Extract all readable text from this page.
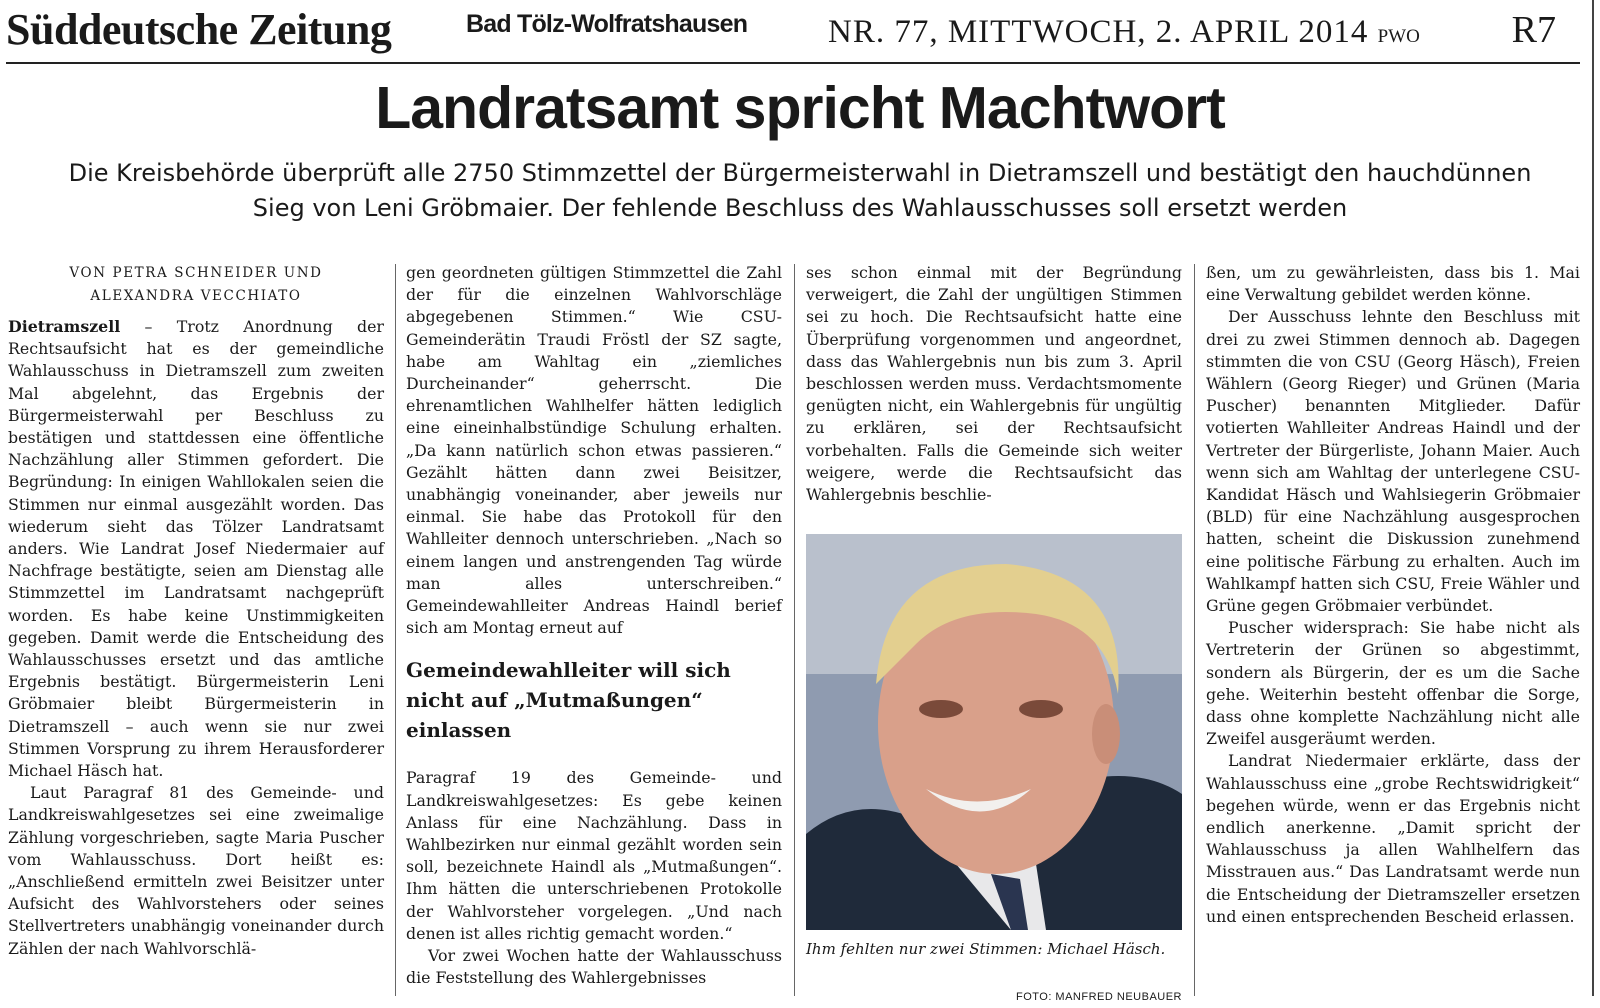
Süddeutsche Zeitung	Bad Tölz-Wolfratshausen NR. 77, MITTWOCH, 2. APRIL 2014 PWO R7
Landratsamt spricht Machtwort
Die Kreisbehörde überprüft alle 2750 Stimmzettel der Bürgermeisterwahl in Dietramszell und bestätigt den hauchdünnen Sieg von Leni Gröbmaier. Der fehlende Beschluss des Wahlausschusses soll ersetzt werden
VON PETRA SCHNEIDER UND
ALEXANDRA VECCHIATO

Dietramszell – Trotz Anordnung der Rechtsaufsicht hat es der gemeindliche Wahlausschuss in Dietramszell zum zweiten Mal abgelehnt, das Ergebnis der Bürgermeisterwahl per Beschluss zu bestätigen und stattdessen eine öffentliche Nachzählung aller Stimmen gefordert. Die Begründung: In einigen Wahllokalen seien die Stimmen nur einmal ausgezählt worden. Das wiederum sieht das Tölzer Landratsamt anders. Wie Landrat Josef Niedermaier auf Nachfrage bestätigte, seien am Dienstag alle Stimmzettel im Landratsamt nachgeprüft worden. Es habe keine Unstimmigkeiten gegeben. Damit werde die Entscheidung des Wahlausschusses ersetzt und das amtliche Ergebnis bestätigt. Bürgermeisterin Leni Gröbmaier bleibt Bürgermeisterin in Dietramszell – auch wenn sie nur zwei Stimmen Vorsprung zu ihrem Herausforderer Michael Häsch hat.

Laut Paragraf 81 des Gemeinde- und Landkreiswahlgesetzes sei eine zweimalige Zählung vorgeschrieben, sagte Maria Puscher vom Wahlausschuss. Dort heißt es: „Anschließend ermitteln zwei Beisitzer unter Aufsicht des Wahlvorstehers oder seines Stellvertreters unabhängig voneinander durch Zählen der nach Wahlvorschlä-

gen geordneten gültigen Stimmzettel die Zahl der für die einzelnen Wahlvorschläge abgegebenen Stimmen.“ Wie CSU-Gemeinderätin Traudi Fröstl der SZ sagte, habe am Wahltag ein „ziemliches Durcheinander“ geherrscht. Die ehrenamtlichen Wahlhelfer hätten lediglich eine eineinhalbstündige Schulung erhalten. „Da kann natürlich schon etwas passieren.“ Gezählt hätten dann zwei Beisitzer, unabhängig voneinander, aber jeweils nur einmal. Sie habe das Protokoll für den Wahlleiter dennoch unterschrieben. „Nach so einem langen und anstrengenden Tag würde man alles unterschreiben.“ Gemeindewahlleiter Andreas Haindl berief sich am Montag erneut auf

Gemeindewahlleiter will sich nicht auf „Mutmaßungen“ einlassen

Paragraf 19 des Gemeinde- und Landkreiswahlgesetzes: Es gebe keinen Anlass für eine Nachzählung. Dass in Wahlbezirken nur einmal gezählt worden sein soll, bezeichnete Haindl als „Mutmaßungen“. Ihm hätten die unterschriebenen Protokolle der Wahlvorsteher vorgelegen. „Und nach denen ist alles richtig gemacht worden.“

Vor zwei Wochen hatte der Wahlausschuss die Feststellung des Wahlergebnisses

ses schon einmal mit der Begründung verweigert, die Zahl der ungültigen Stimmen sei zu hoch. Die Rechtsaufsicht hatte eine Überprüfung vorgenommen und angeordnet, dass das Wahlergebnis nun bis zum 3. April beschlossen werden muss. Verdachtsmomente genügten nicht, ein Wahlergebnis für ungültig zu erklären, sei der Rechtsaufsicht vorbehalten. Falls die Gemeinde sich weiter weigere, werde die Rechtsaufsicht das Wahlergebnis beschlie-

Ihm fehlten nur zwei Stimmen: Michael Häsch.
FOTO: MANFRED NEUBAUER

ßen, um zu gewährleisten, dass bis 1. Mai eine Verwaltung gebildet werden könne.

Der Ausschuss lehnte den Beschluss mit drei zu zwei Stimmen dennoch ab. Dagegen stimmten die von CSU (Georg Häsch), Freien Wählern (Georg Rieger) und Grünen (Maria Puscher) benannten Mitglieder. Dafür votierten Wahlleiter Andreas Haindl und der Vertreter der Bürgerliste, Johann Maier. Auch wenn sich am Wahltag der unterlegene CSU-Kandidat Häsch und Wahlsiegerin Gröbmaier (BLD) für eine Nachzählung ausgesprochen hatten, scheint die Diskussion zunehmend eine politische Färbung zu erhalten. Auch im Wahlkampf hatten sich CSU, Freie Wähler und Grüne gegen Gröbmaier verbündet.

Puscher widersprach: Sie habe nicht als Vertreterin der Grünen so abgestimmt, sondern als Bürgerin, der es um die Sache gehe. Weiterhin besteht offenbar die Sorge, dass ohne komplette Nachzählung nicht alle Zweifel ausgeräumt werden.

Landrat Niedermaier erklärte, dass der Wahlausschuss eine „grobe Rechtswidrigkeit“ begehen würde, wenn er das Ergebnis nicht endlich anerkenne. „Damit spricht der Wahlausschuss ja allen Wahlhelfern das Misstrauen aus.“ Das Landratsamt werde nun die Entscheidung der Dietramszeller ersetzen und einen entsprechenden Bescheid erlassen.
